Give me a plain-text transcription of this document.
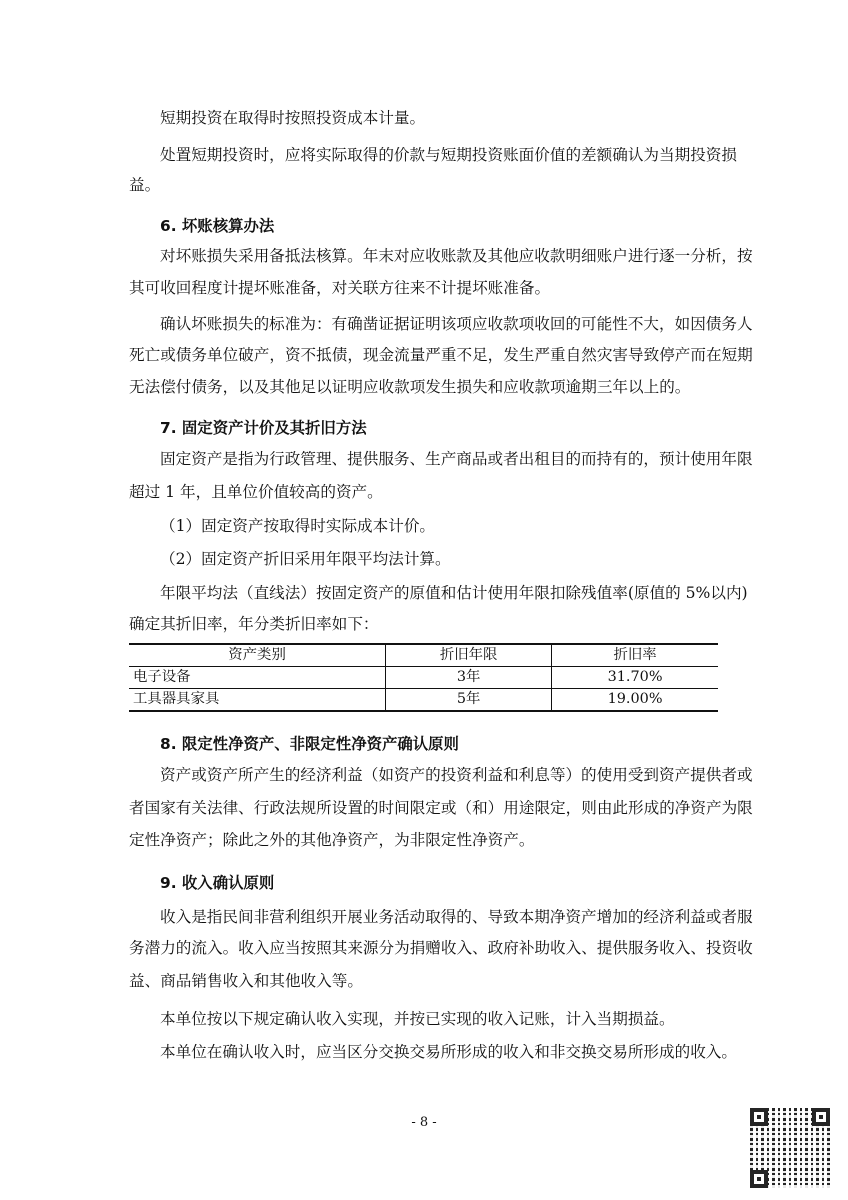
短期投资在取得时按照投资成本计量。
处置短期投资时，应将实际取得的价款与短期投资账面价值的差额确认为当期投资损
益。
6. 坏账核算办法
对坏账损失采用备抵法核算。年末对应收账款及其他应收款明细账户进行逐一分析，按
其可收回程度计提坏账准备，对关联方往来不计提坏账准备。
确认坏账损失的标准为：有确凿证据证明该项应收款项收回的可能性不大，如因债务人
死亡或债务单位破产，资不抵债，现金流量严重不足，发生严重自然灾害导致停产而在短期
无法偿付债务，以及其他足以证明应收款项发生损失和应收款项逾期三年以上的。
7. 固定资产计价及其折旧方法
固定资产是指为行政管理、提供服务、生产商品或者出租目的而持有的，预计使用年限
超过 1 年，且单位价值较高的资产。
（1）固定资产按取得时实际成本计价。
（2）固定资产折旧采用年限平均法计算。
年限平均法（直线法）按固定资产的原值和估计使用年限扣除残值率(原值的 5%以内)
确定其折旧率，年分类折旧率如下：
资产类别	折旧年限	折旧率
电子设备	3年	31.70%
工具器具家具	5年	19.00%
8. 限定性净资产、非限定性净资产确认原则
资产或资产所产生的经济利益（如资产的投资利益和利息等）的使用受到资产提供者或
者国家有关法律、行政法规所设置的时间限定或（和）用途限定，则由此形成的净资产为限
定性净资产；除此之外的其他净资产，为非限定性净资产。
9. 收入确认原则
收入是指民间非营利组织开展业务活动取得的、导致本期净资产增加的经济利益或者服
务潜力的流入。收入应当按照其来源分为捐赠收入、政府补助收入、提供服务收入、投资收
益、商品销售收入和其他收入等。
本单位按以下规定确认收入实现，并按已实现的收入记账，计入当期损益。
本单位在确认收入时，应当区分交换交易所形成的收入和非交换交易所形成的收入。
- 8 -
